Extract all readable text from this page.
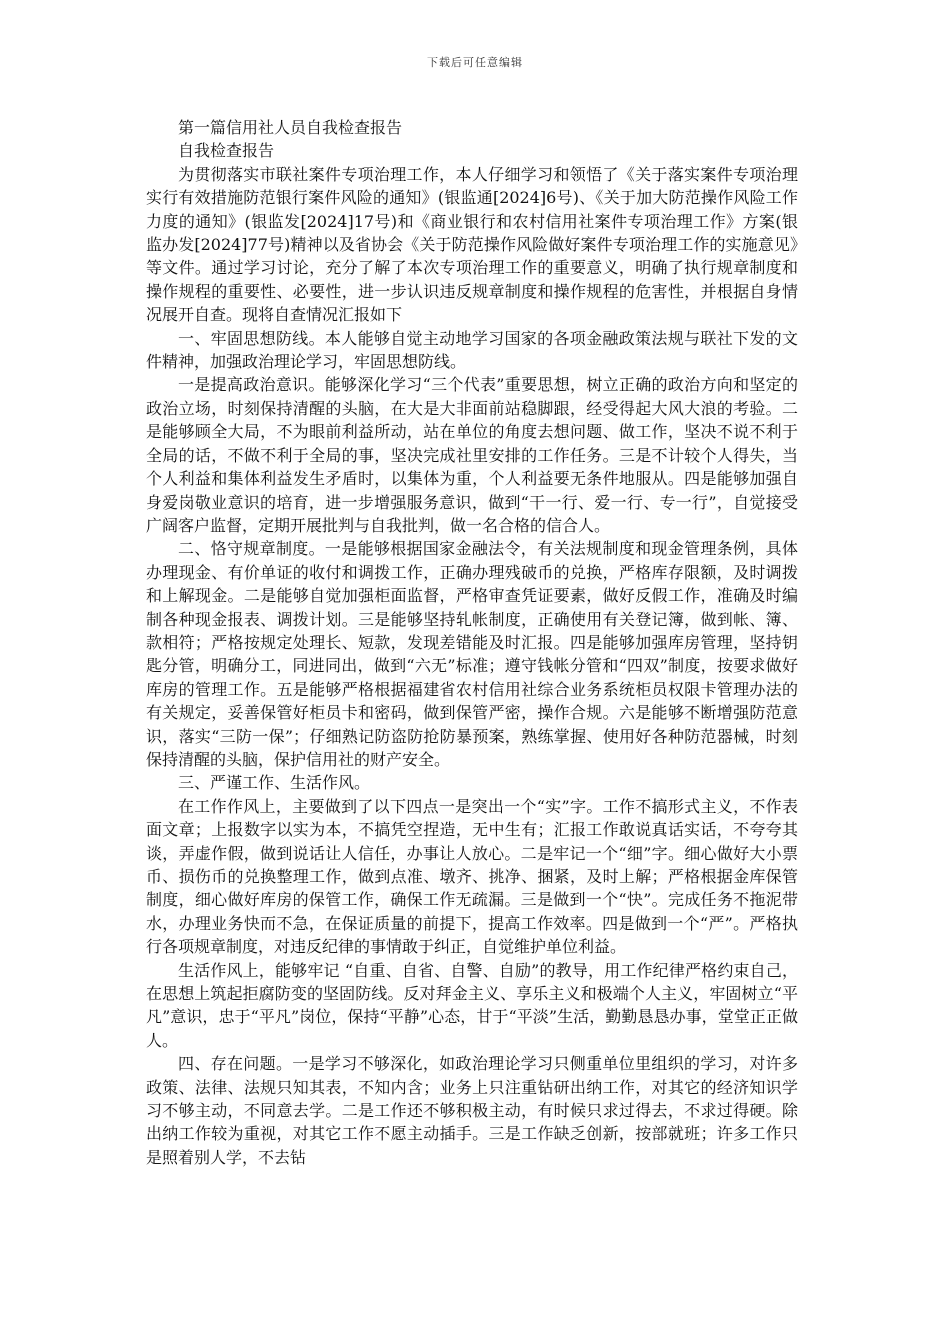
下载后可任意编辑

第一篇信用社人员自我检查报告

自我检查报告

为贯彻落实市联社案件专项治理工作，本人仔细学习和领悟了《关于落实案件专项治理实行有效措施防范银行案件风险的通知》(银监通[2024]6号)、《关于加大防范操作风险工作力度的通知》(银监发[2024]17号)和《商业银行和农村信用社案件专项治理工作》方案(银监办发[2024]77号)精神以及省协会《关于防范操作风险做好案件专项治理工作的实施意见》等文件。通过学习讨论，充分了解了本次专项治理工作的重要意义，明确了执行规章制度和操作规程的重要性、必要性，进一步认识违反规章制度和操作规程的危害性，并根据自身情况展开自查。现将自查情况汇报如下

一、牢固思想防线。本人能够自觉主动地学习国家的各项金融政策法规与联社下发的文件精神，加强政治理论学习，牢固思想防线。

一是提高政治意识。能够深化学习“三个代表”重要思想，树立正确的政治方向和坚定的政治立场，时刻保持清醒的头脑，在大是大非面前站稳脚跟，经受得起大风大浪的考验。二是能够顾全大局，不为眼前利益所动，站在单位的角度去想问题、做工作，坚决不说不利于全局的话，不做不利于全局的事，坚决完成社里安排的工作任务。三是不计较个人得失，当个人利益和集体利益发生矛盾时，以集体为重，个人利益要无条件地服从。四是能够加强自身爱岗敬业意识的培育，进一步增强服务意识，做到“干一行、爱一行、专一行”，自觉接受广阔客户监督，定期开展批判与自我批判，做一名合格的信合人。

二、恪守规章制度。一是能够根据国家金融法令，有关法规制度和现金管理条例，具体办理现金、有价单证的收付和调拨工作，正确办理残破币的兑换，严格库存限额，及时调拨和上解现金。二是能够自觉加强柜面监督，严格审查凭证要素，做好反假工作，准确及时编制各种现金报表、调拨计划。三是能够坚持轧帐制度，正确使用有关登记簿，做到帐、簿、款相符；严格按规定处理长、短款，发现差错能及时汇报。四是能够加强库房管理，坚持钥匙分管，明确分工，同进同出，做到“六无”标准；遵守钱帐分管和“四双”制度，按要求做好库房的管理工作。五是能够严格根据福建省农村信用社综合业务系统柜员权限卡管理办法的有关规定，妥善保管好柜员卡和密码，做到保管严密，操作合规。六是能够不断增强防范意识，落实“三防一保”；仔细熟记防盗防抢防暴预案，熟练掌握、使用好各种防范器械，时刻保持清醒的头脑，保护信用社的财产安全。

三、严谨工作、生活作风。

在工作作风上，主要做到了以下四点一是突出一个“实”字。工作不搞形式主义，不作表面文章；上报数字以实为本，不搞凭空捏造，无中生有；汇报工作敢说真话实话，不夸夸其谈，弄虚作假，做到说话让人信任，办事让人放心。二是牢记一个“细”字。细心做好大小票币、损伤币的兑换整理工作，做到点准、墩齐、挑净、捆紧，及时上解；严格根据金库保管制度，细心做好库房的保管工作，确保工作无疏漏。三是做到一个“快”。完成任务不拖泥带水，办理业务快而不急，在保证质量的前提下，提高工作效率。四是做到一个“严”。严格执行各项规章制度，对违反纪律的事情敢于纠正，自觉维护单位利益。

生活作风上，能够牢记 “自重、自省、自警、自励”的教导，用工作纪律严格约束自己，在思想上筑起拒腐防变的坚固防线。反对拜金主义、享乐主义和极端个人主义，牢固树立“平凡”意识，忠于“平凡”岗位，保持“平静”心态，甘于“平淡”生活，勤勤恳恳办事，堂堂正正做人。

四、存在问题。一是学习不够深化，如政治理论学习只侧重单位里组织的学习，对许多政策、法律、法规只知其表，不知内含；业务上只注重钻研出纳工作，对其它的经济知识学习不够主动，不同意去学。二是工作还不够积极主动，有时候只求过得去，不求过得硬。除出纳工作较为重视，对其它工作不愿主动插手。三是工作缺乏创新，按部就班；许多工作只是照着别人学，不去钻
